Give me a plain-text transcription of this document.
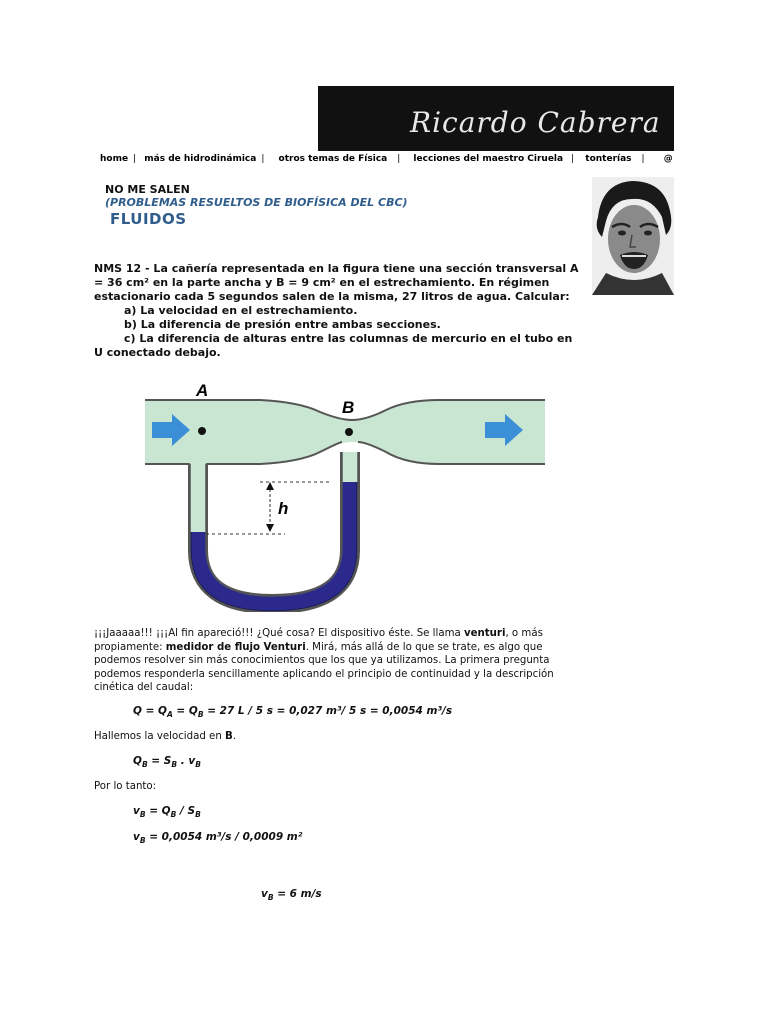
Ricardo Cabrera
home | más de hidrodinámica | otros temas de Física | lecciones del maestro Ciruela | tonterías | @
NO ME SALEN
(PROBLEMAS RESUELTOS DE BIOFÍSICA DEL CBC)
FLUIDOS
NMS 12 - La cañería representada en la figura tiene una sección transversal A = 36 cm² en la parte ancha y B = 9 cm² en el estrechamiento. En régimen estacionario cada 5 segundos salen de la misma, 27 litros de agua. Calcular:
a) La velocidad en el estrechamiento.
b) La diferencia de presión entre ambas secciones.
c) La diferencia de alturas entre las columnas de mercurio en el tubo en U conectado debajo.
A
B
h
¡¡¡Jaaaaa!!! ¡¡¡Al fin apareció!!! ¿Qué cosa? El dispositivo éste. Se llama venturi, o más propiamente: medidor de flujo Venturi. Mirá, más allá de lo que se trate, es algo que podemos resolver sin más conocimientos que los que ya utilizamos. La primera pregunta podemos responderla sencillamente aplicando el principio de continuidad y la descripción cinética del caudal:
$Q = Q_A = Q_B = 27$ L / 5 s = 0,027 m³/ 5 s = 0,0054 m³/s
Hallemos la velocidad en B.
$Q_B = S_B$ . $v_B$
Por lo tanto:
$v_B = Q_B / S_B$
$v_B = 0,0054$ m³/s / 0,0009 m²
$v_B = 6$ m/s
